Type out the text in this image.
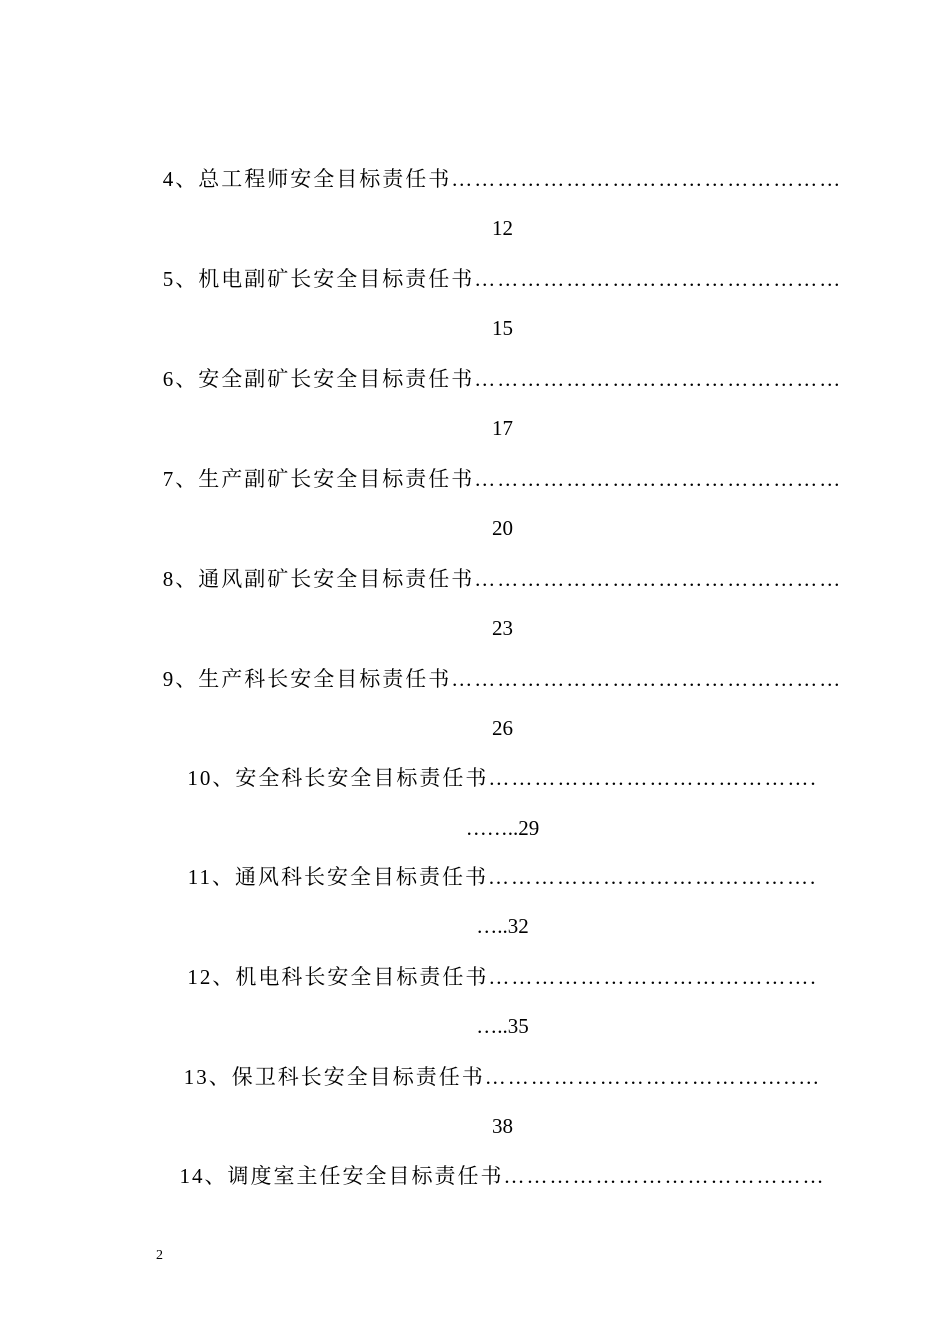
4、总工程师安全目标责任书……………………………………………
12
5、机电副矿长安全目标责任书…………………………………………
15
6、安全副矿长安全目标责任书…………………………………………
17
7、生产副矿长安全目标责任书…………………………………………
20
8、通风副矿长安全目标责任书…………………………………………
23
9、生产科长安全目标责任书……………………………………………
26
10、安全科长安全目标责任书…………………………………….
……..29
11、通风科长安全目标责任书…………………………………….
…..32
12、机电科长安全目标责任书…………………………………….
…..35
13、保卫科长安全目标责任书…………………………………..…
38
14、调度室主任安全目标责任书……………………………………
2
